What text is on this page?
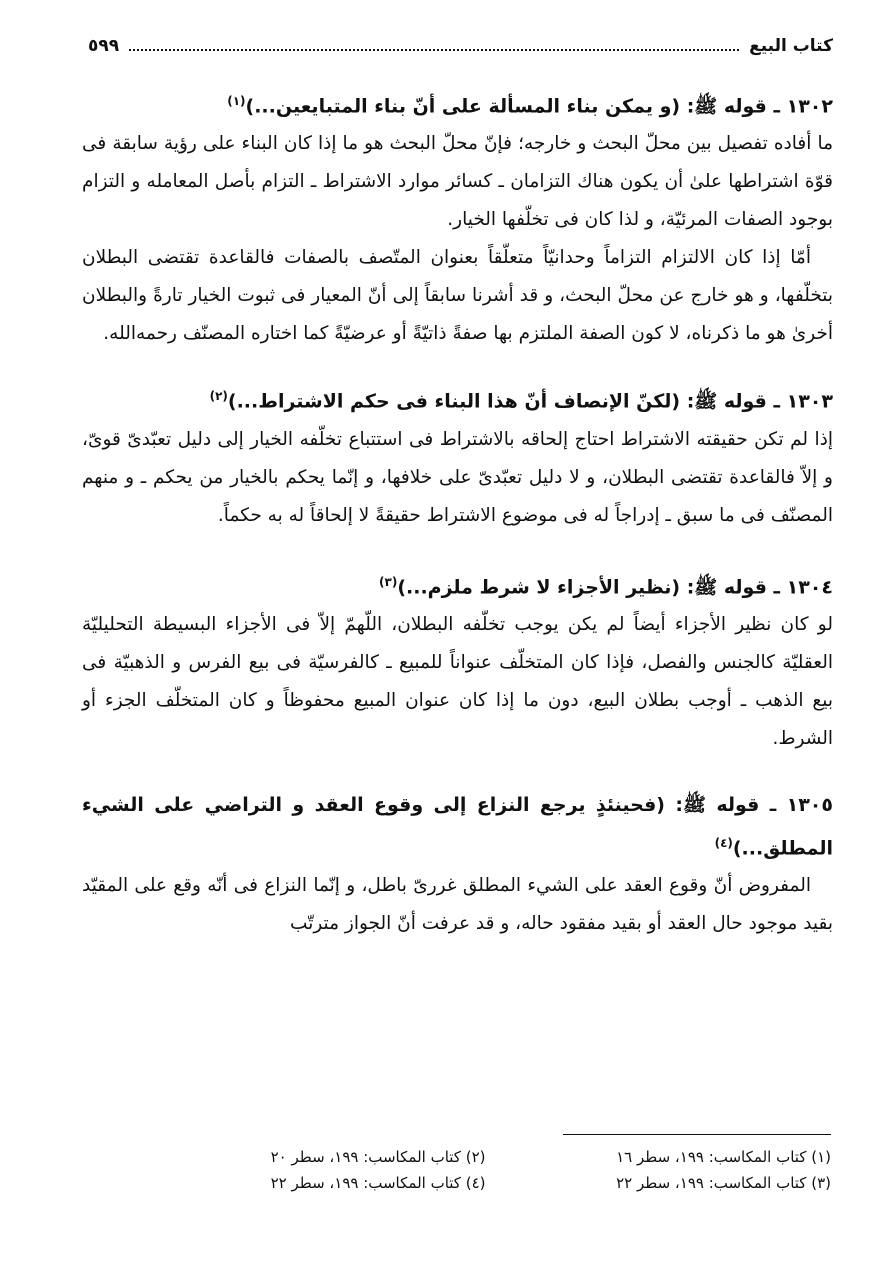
كتاب البيع
٥٩٩

١٣٠٢ ـ قوله ﷺ: (و يمكن بناء المسألة على أنّ بناء المتبايعين...)$^{(١)}$

ما أفاده تفصيل بين محلّ البحث و خارجه؛ فإنّ محلّ البحث هو ما إذا كان البناء على رؤية سابقة فى قوّة اشتراطها علىٰ أن يكون هناك التزامان ـ كسائر موارد الاشتراط ـ التزام بأصل المعامله و التزام بوجود الصفات المرئيّة، و لذا كان فى تخلّفها الخيار.

أمّا إذا كان الالتزام التزاماً وحدانيّاً متعلّقاً بعنوان المتّصف بالصفات فالقاعدة تقتضى البطلان بتخلّفها، و هو خارج عن محلّ البحث، و قد أشرنا سابقاً إلى أنّ المعيار فى ثبوت الخيار تارةً والبطلان أخرىٰ هو ما ذكرناه، لا كون الصفة الملتزم بها صفةً ذاتيّةً أو عرضيّةً كما اختاره المصنّف رحمه‌الله.

١٣٠٣ ـ قوله ﷺ: (لكنّ الإنصاف أنّ هذا البناء فى حكم الاشتراط...)$^{(٢)}$

إذا لم تكن حقيقته الاشتراط احتاج إلحاقه بالاشتراط فى استتباع تخلّفه الخيار إلى دليل تعبّدىّ قوىّ، و إلاّ فالقاعدة تقتضى البطلان، و لا دليل تعبّدىّ على خلافها، و إنّما يحكم بالخيار من يحكم ـ و منهم المصنّف فى ما سبق ـ إدراجاً له فى موضوع الاشتراط حقيقةً لا إلحاقاً له به حكماً.

١٣٠٤ ـ قوله ﷺ: (نظير الأجزاء لا شرط ملزم...)$^{(٣)}$

لو كان نظير الأجزاء أيضاً لم يكن يوجب تخلّفه البطلان، اللّهمّ إلاّ فى الأجزاء البسيطة التحليليّة العقليّة كالجنس والفصل، فإذا كان المتخلّف عنواناً للمبيع ـ كالفرسيّة فى بيع الفرس و الذهبيّة فى بيع الذهب ـ أوجب بطلان البيع، دون ما إذا كان عنوان المبيع محفوظاً و كان المتخلّف الجزء أو الشرط.

١٣٠٥ ـ قوله ﷺ: (فحينئذٍ يرجع النزاع إلى وقوع العقد و التراضي على الشيء المطلق...)$^{(٤)}$

المفروض أنّ وقوع العقد على الشيء المطلق غررىّ باطل، و إنّما النزاع فى أنّه وقع على المقيّد بقيد موجود حال العقد أو بقيد مفقود حاله، و قد عرفت أنّ الجواز مترتّب

(١) كتاب المكاسب: ١٩٩، سطر ١٦
(٢) كتاب المكاسب: ١٩٩، سطر ٢٠
(٣) كتاب المكاسب: ١٩٩، سطر ٢٢
(٤) كتاب المكاسب: ١٩٩، سطر ٢٢
